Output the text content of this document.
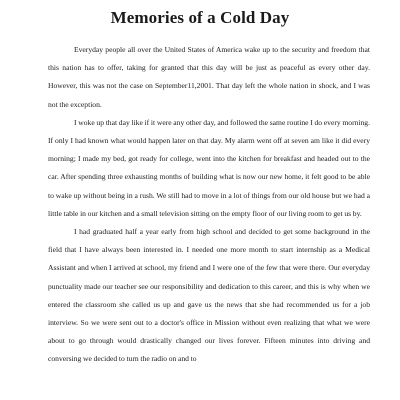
Memories of a Cold Day

Everyday people all over the United States of America wake up to the security and freedom that this nation has to offer, taking for granted that this day will be just as peaceful as every other day. However, this was not the case on September11,2001. That day left the whole nation in shock, and I was not the exception.

I woke up that day like if it were any other day, and followed the same routine I do every morning. If only I had known what would happen later on that day. My alarm went off at seven am like it did every morning; I made my bed, got ready for college, went into the kitchen for breakfast and headed out to the car. After spending three exhausting months of building what is now our new home, it felt good to be able to wake up without being in a rush. We still had to move in a lot of things from our old house but we had a little table in our kitchen and a small television sitting on the empty floor of our living room to get us by.

I had graduated half a year early from high school and decided to get some background in the field that I have always been interested in. I needed one more month to start internship as a Medical Assistant and when I arrived at school, my friend and I were one of the few that were there. Our everyday punctuality made our teacher see our responsibility and dedication to this career, and this is why when we entered the classroom she called us up and gave us the news that she had recommended us for a job interview. So we were sent out to a doctor's office in Mission without even realizing that what we were about to go through would drastically changed our lives forever. Fifteen minutes into driving and conversing we decided to turn the radio on and to
